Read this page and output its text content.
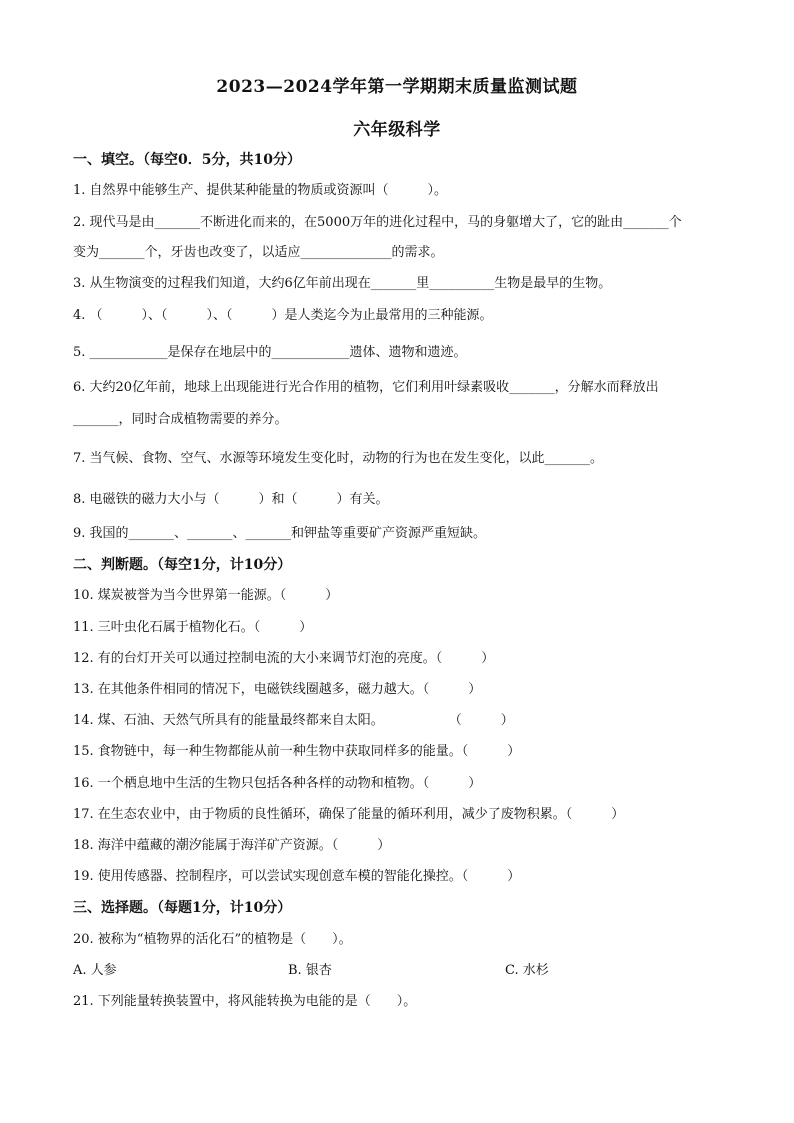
2023—2024学年第一学期期末质量监测试题
六年级科学
一、填空。（每空0．5分，共10分）
1. 自然界中能够生产、提供某种能量的物质或资源叫（　　　）。
2. 现代马是由_______不断进化而来的，在5000万年的进化过程中，马的身躯增大了，它的趾由_______个
变为_______个，牙齿也改变了，以适应______________的需求。
3. 从生物演变的过程我们知道，大约6亿年前出现在_______里__________生物是最早的生物。
4. （　　　）、（　　　）、（　　　）是人类迄今为止最常用的三种能源。
5. ____________是保存在地层中的____________遗体、遗物和遗迹。
6. 大约20亿年前，地球上出现能进行光合作用的植物，它们利用叶绿素吸收_______，分解水而释放出
_______，同时合成植物需要的养分。
7. 当气候、食物、空气、水源等环境发生变化时，动物的行为也在发生变化，以此_______。
8. 电磁铁的磁力大小与（　　　）和（　　　）有关。
9. 我国的_______、_______、_______和钾盐等重要矿产资源严重短缺。
二、判断题。（每空1分，计10分）
10. 煤炭被誉为当今世界第一能源。（　　　）
11. 三叶虫化石属于植物化石。（　　　）
12. 有的台灯开关可以通过控制电流的大小来调节灯泡的亮度。（　　　）
13. 在其他条件相同的情况下，电磁铁线圈越多，磁力越大。（　　　）
14. 煤、石油、天然气所具有的能量最终都来自太阳。　　　　　　（　　　）
15. 食物链中，每一种生物都能从前一种生物中获取同样多的能量。（　　　）
16. 一个栖息地中生活的生物只包括各种各样的动物和植物。（　　　）
17. 在生态农业中，由于物质的良性循环，确保了能量的循环利用，减少了废物积累。（　　　）
18. 海洋中蕴藏的潮汐能属于海洋矿产资源。（　　　）
19. 使用传感器、控制程序，可以尝试实现创意车模的智能化操控。（　　　）
三、选择题。（每题1分，计10分）
20. 被称为“植物界的活化石”的植物是（　　）。
A. 人参	B. 银杏	C. 水杉
21. 下列能量转换装置中，将风能转换为电能的是（　　）。
